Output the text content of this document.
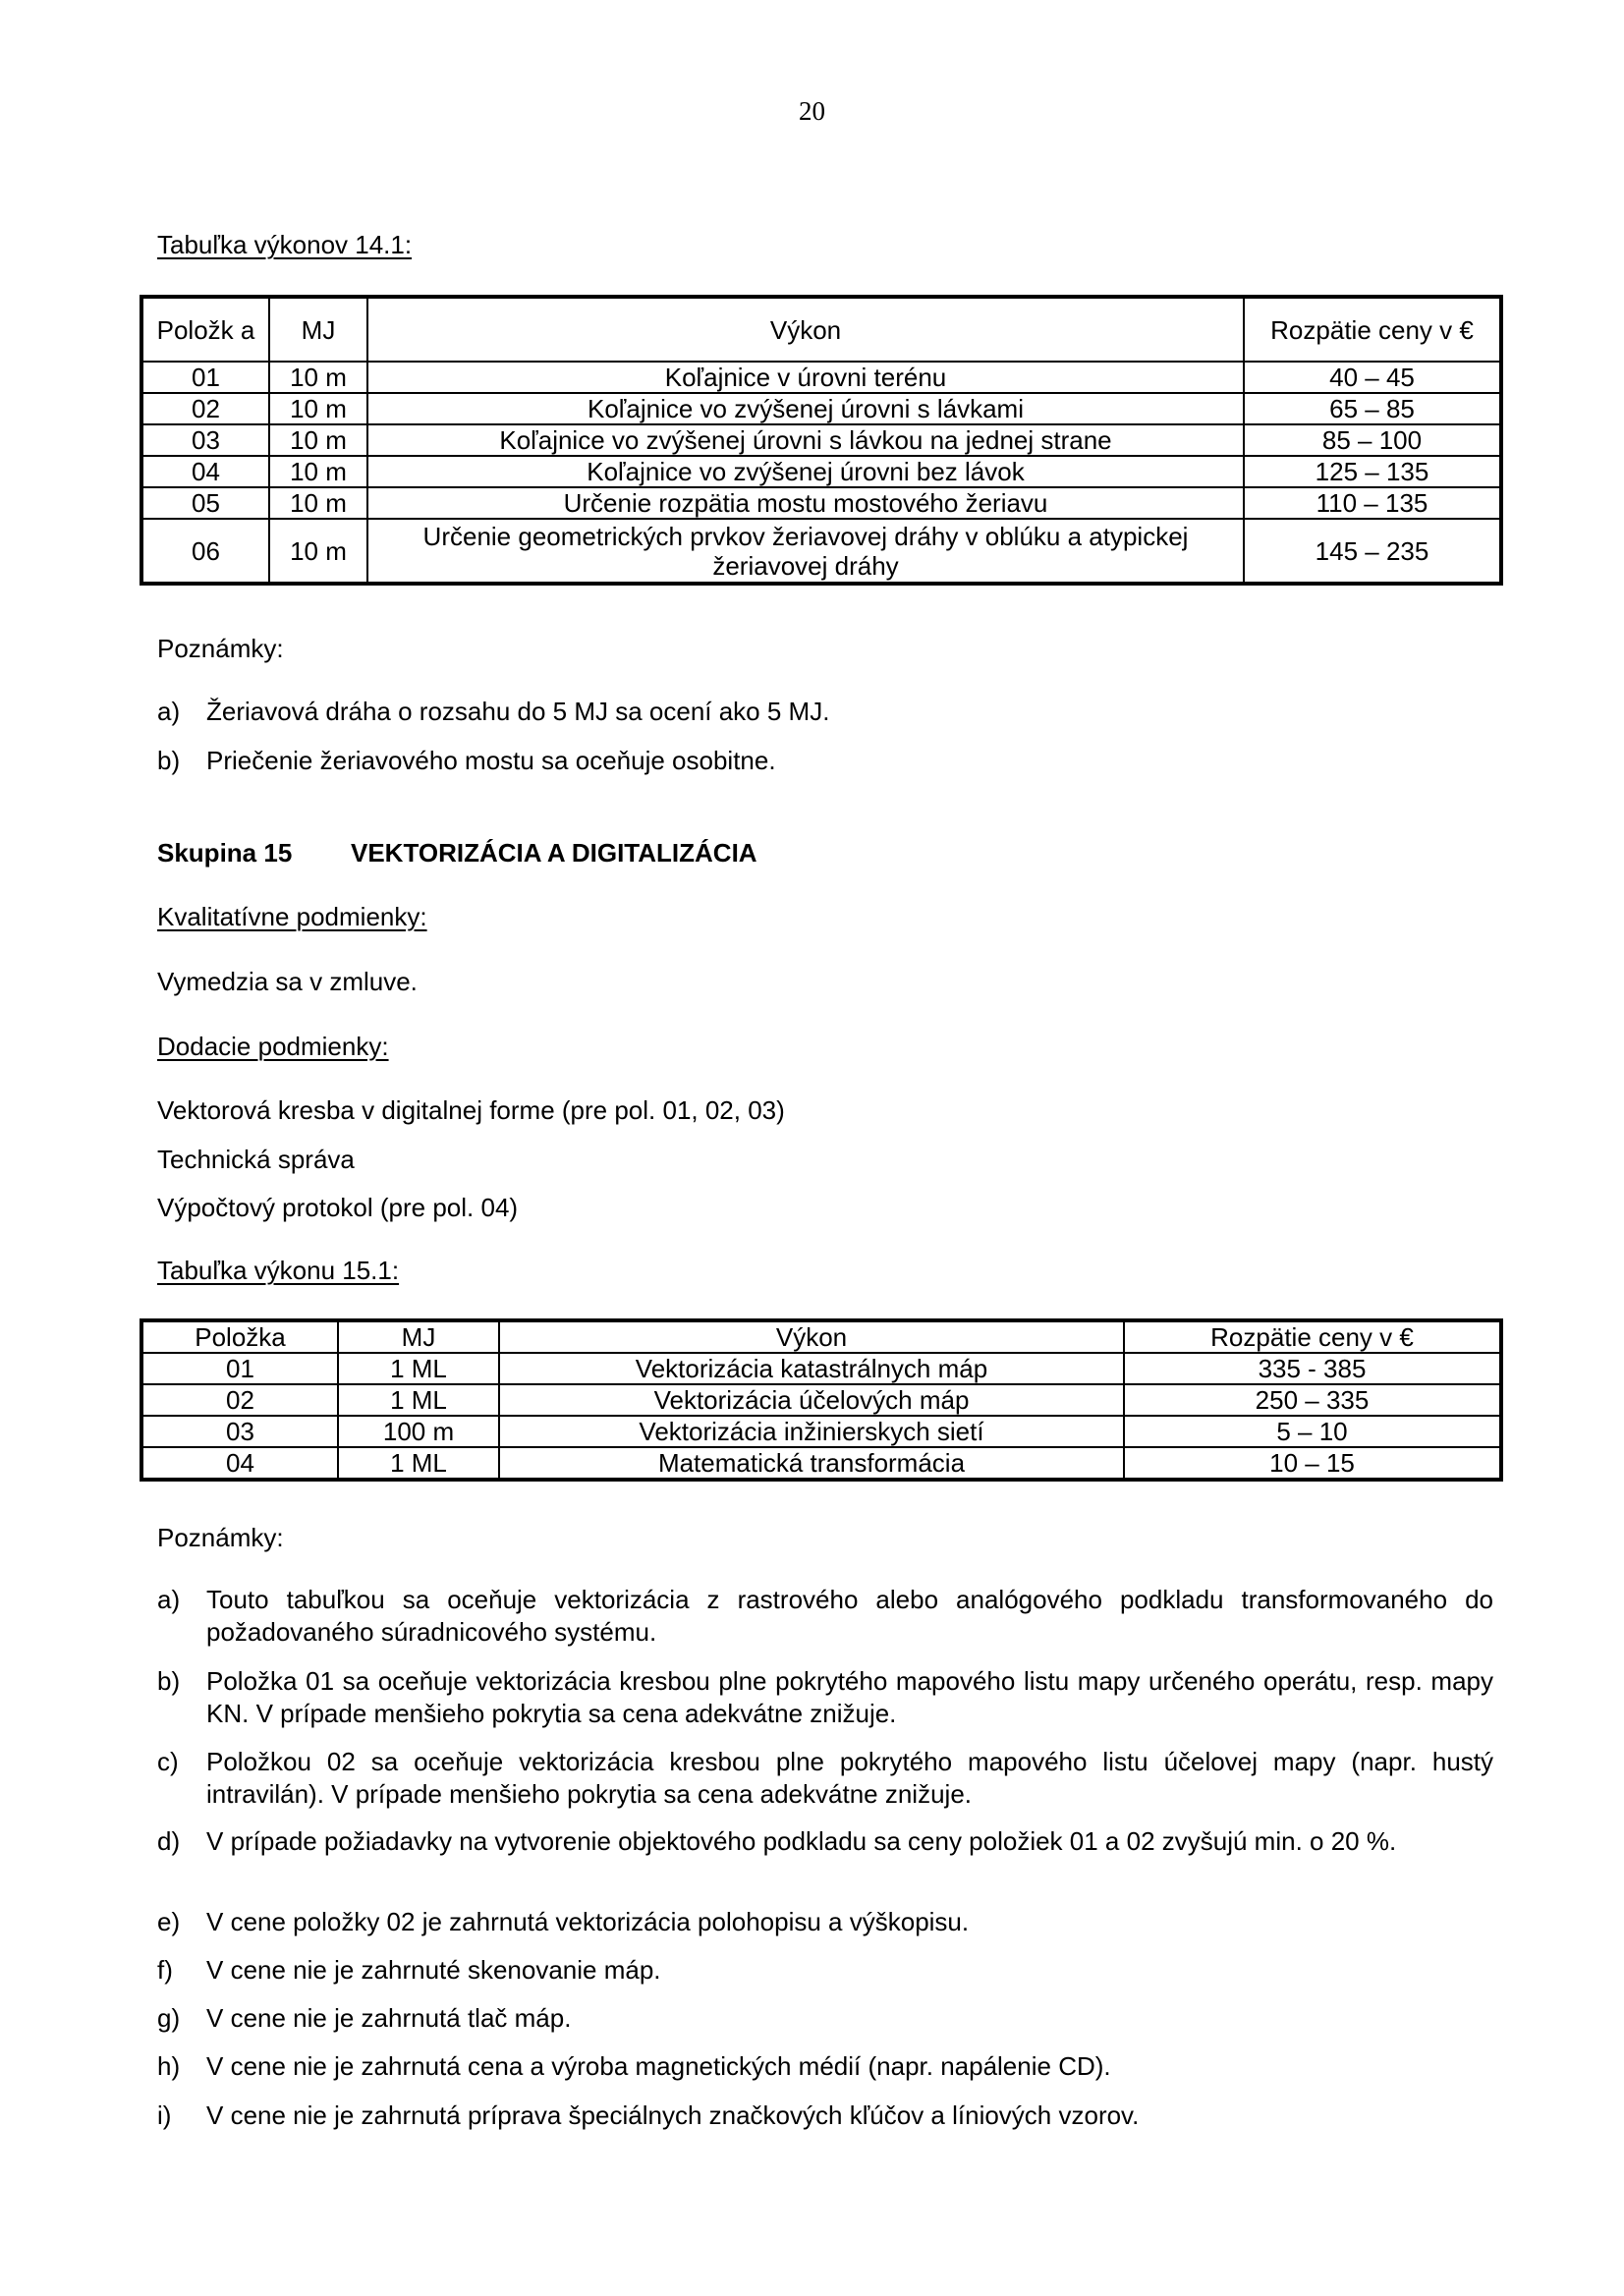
20
Tabuľka výkonov 14.1:
Položk a	MJ	Výkon	Rozpätie ceny v €
01	10 m	Koľajnice v úrovni terénu	40 – 45
02	10 m	Koľajnice vo zvýšenej úrovni s lávkami	65 – 85
03	10 m	Koľajnice vo zvýšenej úrovni s lávkou na jednej strane	85 – 100
04	10 m	Koľajnice vo zvýšenej úrovni bez lávok	125 – 135
05	10 m	Určenie rozpätia mostu mostového žeriavu	110 – 135
06	10 m	Určenie geometrických prvkov žeriavovej dráhy v oblúku a atypickej žeriavovej dráhy	145 – 235
Poznámky:
a)	Žeriavová dráha o rozsahu do 5 MJ sa ocení ako 5 MJ.
b)	Priečenie žeriavového mostu sa oceňuje osobitne.
Skupina 15 VEKTORIZÁCIA A DIGITALIZÁCIA
Kvalitatívne podmienky:
Vymedzia sa v zmluve.
Dodacie podmienky:
Vektorová kresba v digitalnej forme (pre pol. 01, 02, 03)
Technická správa
Výpočtový protokol (pre pol. 04)
Tabuľka výkonu 15.1:
Položka	MJ	Výkon	Rozpätie ceny v €
01	1 ML	Vektorizácia katastrálnych máp	335 - 385
02	1 ML	Vektorizácia účelových máp	250 – 335
03	100 m	Vektorizácia inžinierskych sietí	5 – 10
04	1 ML	Matematická transformácia	10 – 15
Poznámky:
a)	Touto tabuľkou sa oceňuje vektorizácia z rastrového alebo analógového podkladu transformovaného do požadovaného súradnicového systému.
b)	Položka 01 sa oceňuje vektorizácia kresbou plne pokrytého mapového listu mapy určeného operátu, resp. mapy KN. V prípade menšieho pokrytia sa cena adekvátne znižuje.
c)	Položkou 02 sa oceňuje vektorizácia kresbou plne pokrytého mapového listu účelovej mapy (napr. hustý intravilán). V prípade menšieho pokrytia sa cena adekvátne znižuje.
d)	V prípade požiadavky na vytvorenie objektového podkladu sa ceny položiek 01 a 02 zvyšujú min. o 20 %.
e)	V cene položky 02 je zahrnutá vektorizácia polohopisu a výškopisu.
f)	V cene nie je zahrnuté skenovanie máp.
g)	V cene nie je zahrnutá tlač máp.
h)	V cene nie je zahrnutá cena a výroba magnetických médií (napr. napálenie CD).
i)	V cene nie je zahrnutá príprava špeciálnych značkových kľúčov a líniových vzorov.
